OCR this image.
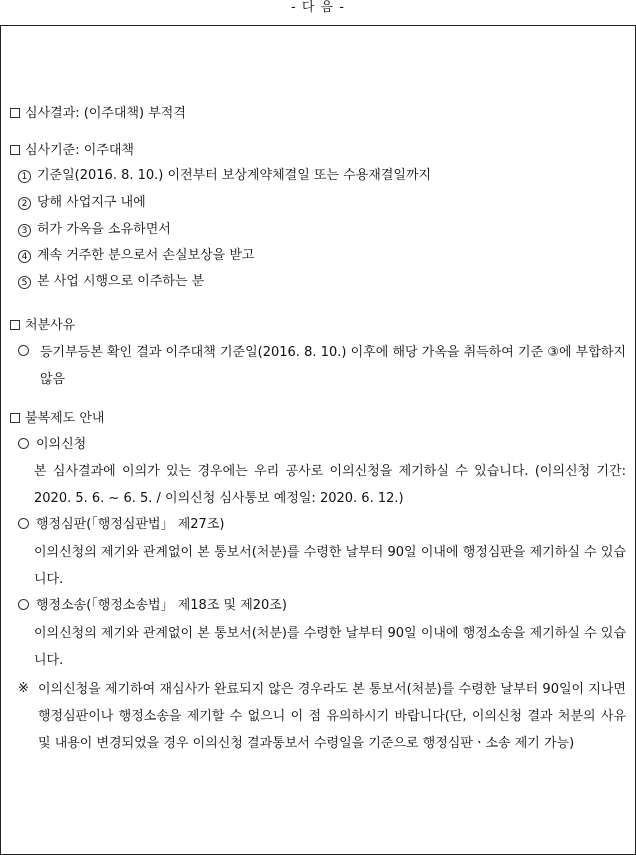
- 다 음 -
심사결과: (이주대책) 부적격
심사기준: 이주대책
1 기준일(2016. 8. 10.) 이전부터 보상계약체결일 또는 수용재결일까지
2 당해 사업지구 내에
3 허가 가옥을 소유하면서
4 계속 거주한 분으로서 손실보상을 받고
5 본 사업 시행으로 이주하는 분
처분사유
등기부등본 확인 결과 이주대책 기준일(2016. 8. 10.) 이후에 해당 가옥을 취득하여 기준 ③에 부합하지 않음
불복제도 안내
이의신청
본 심사결과에 이의가 있는 경우에는 우리 공사로 이의신청을 제기하실 수 있습니다. (이의신청 기간: 2020. 5. 6. ~ 6. 5. / 이의신청 심사통보 예정일: 2020. 6. 12.)
행정심판(「행정심판법」 제27조)
이의신청의 제기와 관계없이 본 통보서(처분)를 수령한 날부터 90일 이내에 행정심판을 제기하실 수 있습니다.
행정소송(「행정소송법」 제18조 및 제20조)
이의신청의 제기와 관계없이 본 통보서(처분)를 수령한 날부터 90일 이내에 행정소송을 제기하실 수 있습니다.
※ 이의신청을 제기하여 재심사가 완료되지 않은 경우라도 본 통보서(처분)를 수령한 날부터 90일이 지나면 행정심판이나 행정소송을 제기할 수 없으니 이 점 유의하시기 바랍니다(단, 이의신청 결과 처분의 사유 및 내용이 변경되었을 경우 이의신청 결과통보서 수령일을 기준으로 행정심판ㆍ소송 제기 가능)
